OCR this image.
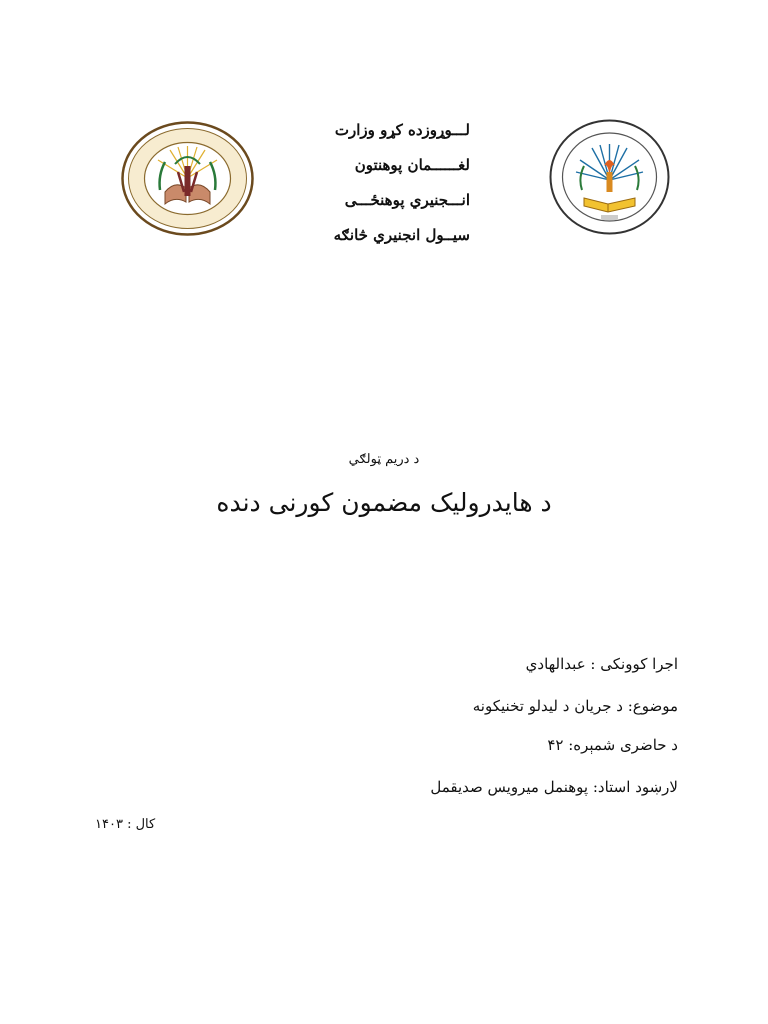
لـــوړوزده کړو وزارت
لغــــــمان پوهنتون
انـــجنيري پوهنځـــی
سیــول انجنیري څانګه
د دریم ټولګي
د هايدروليک مضمون کورنی دنده
اجرا کوونکی : عبدالهادي
موضوع: د جریان د لیدلو تخنیکونه
د حاضری شمېره: ۴۲
لارښود استاد: پوهنمل میرویس صدیقمل
کال : ۱۴۰۳
